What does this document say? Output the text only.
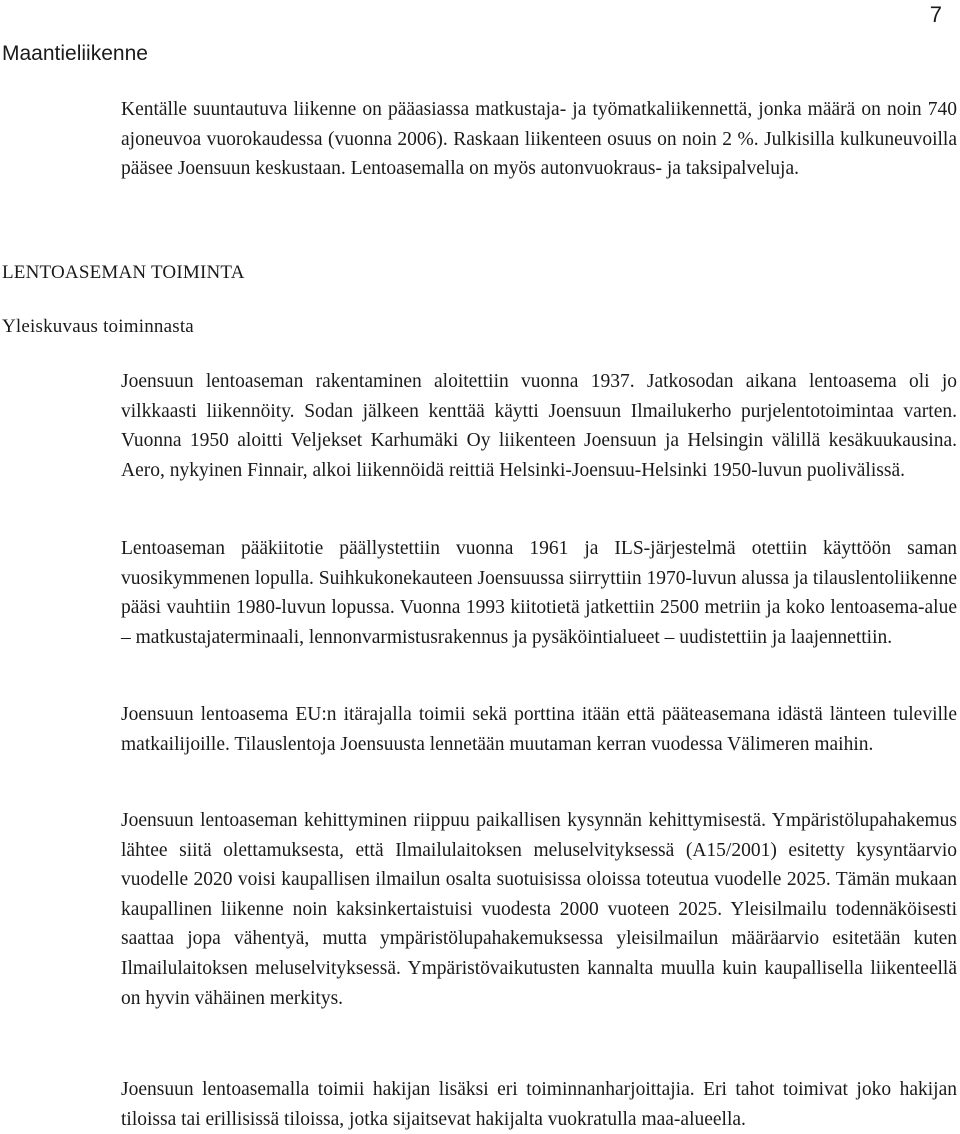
7
Maantieliikenne

Kentälle suuntautuva liikenne on pääasiassa matkustaja- ja työmatkaliikennettä, jonka määrä on noin 740 ajoneuvoa vuorokaudessa (vuonna 2006). Raskaan liikenteen osuus on noin 2 %. Julkisilla kulkuneuvoilla pääsee Joensuun keskustaan. Lentoasemalla on myös autonvuokraus- ja taksipalveluja.

LENTOASEMAN TOIMINTA
Yleiskuvaus toiminnasta

Joensuun lentoaseman rakentaminen aloitettiin vuonna 1937. Jatkosodan aikana lentoasema oli jo vilkkaasti liikennöity. Sodan jälkeen kenttää käytti Joensuun Ilmailukerho purjelentotoimintaa varten. Vuonna 1950 aloitti Veljekset Karhumäki Oy liikenteen Joensuun ja Helsingin välillä kesäkuukausina. Aero, nykyinen Finnair, alkoi liikennöidä reittiä Helsinki-Joensuu-Helsinki 1950-luvun puolivälissä.

Lentoaseman pääkiitotie päällystettiin vuonna 1961 ja ILS-järjestelmä otettiin käyttöön saman vuosikymmenen lopulla. Suihkukonekauteen Joensuussa siirryttiin 1970-luvun alussa ja tilauslentoliikenne pääsi vauhtiin 1980-luvun lopussa. Vuonna 1993 kiitotietä jatkettiin 2500 metriin ja koko lentoasema-alue – matkustajaterminaali, lennonvarmistusrakennus ja pysäköintialueet – uudistettiin ja laajennettiin.

Joensuun lentoasema EU:n itärajalla toimii sekä porttina itään että pääteasemana idästä länteen tuleville matkailijoille. Tilauslentoja Joensuusta lennetään muutaman kerran vuodessa Välimeren maihin.

Joensuun lentoaseman kehittyminen riippuu paikallisen kysynnän kehittymisestä. Ympäristölupahakemus lähtee siitä olettamuksesta, että Ilmailulaitoksen meluselvityksessä (A15/2001) esitetty kysyntäarvio vuodelle 2020 voisi kaupallisen ilmailun osalta suotuisissa oloissa toteutua vuodelle 2025. Tämän mukaan kaupallinen liikenne noin kaksinkertaistuisi vuodesta 2000 vuoteen 2025. Yleisilmailu todennäköisesti saattaa jopa vähentyä, mutta ympäristölupahakemuksessa yleisilmailun määräarvio esitetään kuten Ilmailulaitoksen meluselvityksessä. Ympäristövaikutusten kannalta muulla kuin kaupallisella liikenteellä on hyvin vähäinen merkitys.

Joensuun lentoasemalla toimii hakijan lisäksi eri toiminnanharjoittajia. Eri tahot toimivat joko hakijan tiloissa tai erillisissä tiloissa, jotka sijaitsevat hakijalta vuokratulla maa-alueella.
